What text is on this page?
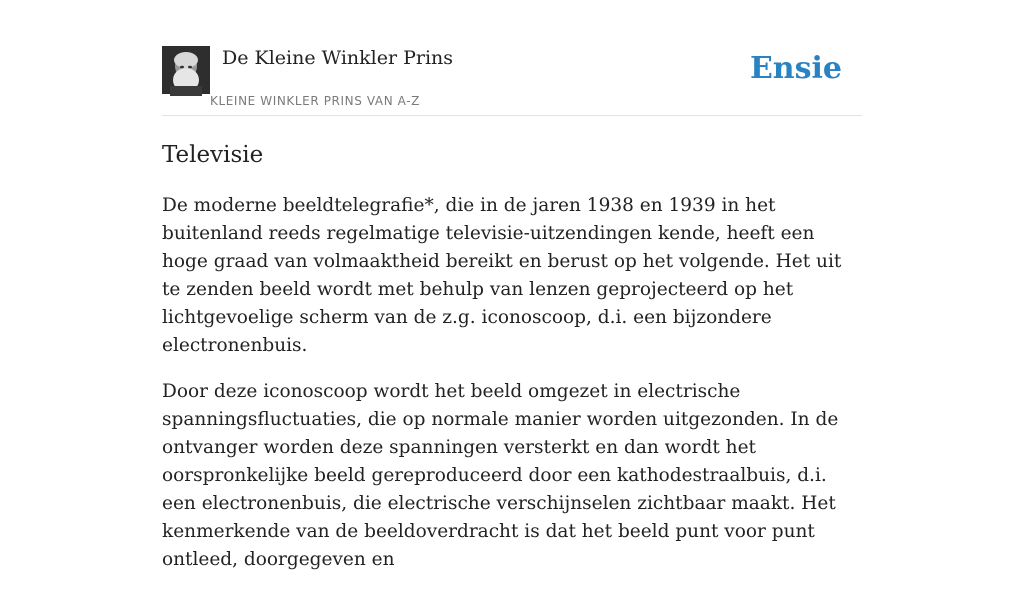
De Kleine Winkler Prins
KLEINE WINKLER PRINS VAN A-Z
Ensie
Televisie

De moderne beeldtelegrafie*, die in de jaren 1938 en 1939 in het buitenland reeds regelmatige televisie-uitzendingen kende, heeft een hoge graad van volmaaktheid bereikt en berust op het volgende. Het uit te zenden beeld wordt met behulp van lenzen geprojecteerd op het lichtgevoelige scherm van de z.g. iconoscoop, d.i. een bijzondere electronenbuis.

Door deze iconoscoop wordt het beeld omgezet in electrische spanningsfluctuaties, die op normale manier worden uitgezonden. In de ontvanger worden deze spanningen versterkt en dan wordt het oorspronkelijke beeld gereproduceerd door een kathodestraalbuis, d.i. een electronenbuis, die electrische verschijnselen zichtbaar maakt. Het kenmerkende van de beeldoverdracht is dat het beeld punt voor punt ontleed, doorgegeven en
